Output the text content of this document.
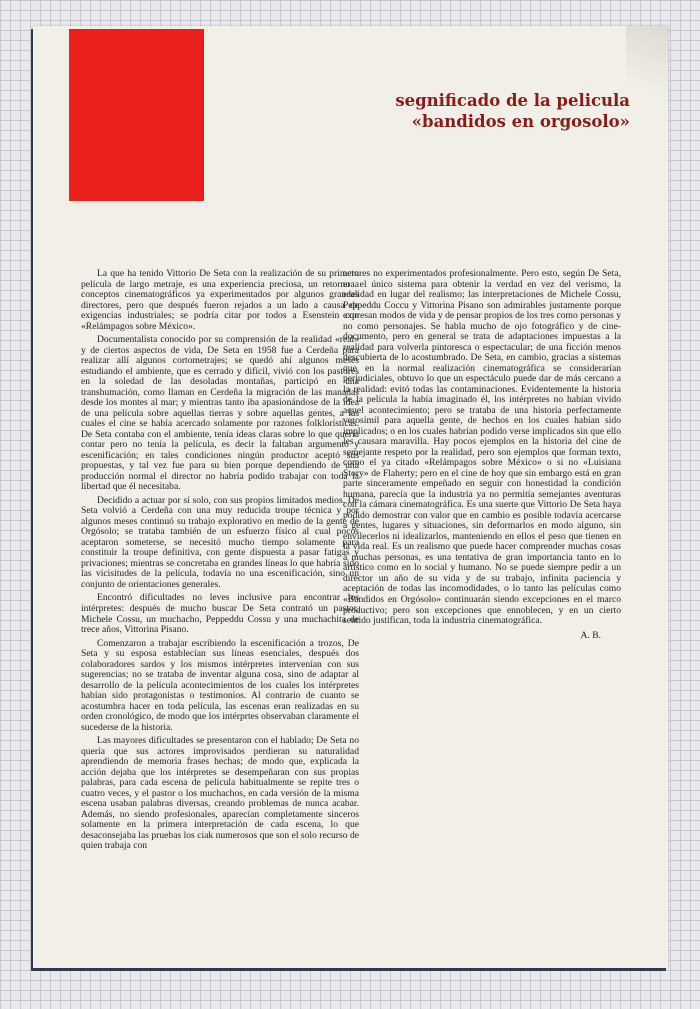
segnificado de la pelicula
«bandidos en orgosolo»

La que ha tenido Vittorio De Seta con la realización de su primera película de largo metraje, es una experiencia preciosa, un retorno a conceptos cinematográficos ya experimentados por algunos grandes directores, pero que después fueron rejados a un lado a causa de exigencias industriales; se podría citar por todos a Esenstein con «Relámpagos sobre México».

Documentalista conocido por su comprensión de la realidad «real» y de ciertos aspectos de vida, De Seta en 1958 fue a Cerdeña para realizar allí algunos cortometrajes; se quedó ahí algunos meses estudiando el ambiente, que es cerrado y difícil, vivió con los pastores en la soledad de las desoladas montañas, participó en una transhumación, como llaman en Cerdeña la migración de las manadas desde los montes al mar; y mientras tanto iba apasionándose de la idea de una película sobre aquellas tierras y sobre aquellas gentes, a las cuales el cine se había acercado solamente por razones folklorísticas. De Seta contaba con el ambiente, tenía ideas claras sobre lo que quería contar pero no tenía la película, es decir la faltaban argumento y escenificación; en tales condiciones ningún productor aceptó sus propuestas, y tal vez fue para su bien porque dependiendo de una producción normal el director no habría podido trabajar con toda la libertad que él necesitaba.

Decidido a actuar por sí solo, con sus propios limitados medios, De Seta volvió a Cerdeña con una muy reducida troupe técnica y por algunos meses continuó su trabajo explorativo en medio de la gente de Orgósolo; se trataba también de un esfuerzo físico al cual pocos aceptaron someterse, se necesitó mucho tiempo solamente para constituir la troupe definitiva, con gente dispuesta a pasar fatigas y privaciones; mientras se concretaba en grandes líneas lo que habría sido las vicisitudes de la película, todavía no una escenificación, sino un conjunto de orientaciones generales.

Encontró dificultades no leves inclusive para encontrar los intérpretes: después de mucho buscar De Seta contrató un pastor, Michele Cossu, un muchacho, Peppeddu Cossu y una muchachita de trece años, Vittorina Pisano.

Comenzaron a trabajar escribiendo la escenificación a trozos, De Seta y su esposa establecían sus líneas esenciales, después dos colaboradores sardos y los mismos intérpretes intervenían con sus sugerencias; no se trataba de inventar alguna cosa, sino de adaptar al desarrollo de la película acontecimientos de los cuales los intérpretes habían sido protagonistas o testimonios. Al contrario de cuanto se acostumbra hacer en toda película, las escenas eran realizadas en su orden cronológico, de modo que los intérprtes observaban claramente el sucederse de la historia.

Las mayores dificultades se presentaron con el hablado; De Seta no quería que sus actores improvisados perdieran su naturalidad aprendiendo de memoria frases hechas; de modo que, explicada la acción dejaba que los intérpretes se desempeñaran con sus propias palabras, para cada escena de película habitualmente se repite tres o cuatro veces, y el pastor o los muchachos, en cada versión de la misma escena usaban palabras diversas, creando problemas de nunca acabar. Además, no siendo profesionales, aparecían completamente sinceros solamente en la primera interpretación de cada escena, lo que desaconsejaba las pruebas los ciak numerosos que son el solo recurso de quien trabaja con

actores no experimentados profesionalmente. Pero esto, según De Seta, era el único sistema para obtenir la verdad en vez del verismo, la realidad en lugar del realismo; las interpretaciones de Michele Cossu, Peppeddu Coccu y Vittorina Pisano son admirables justamente porque expresan modos de vida y de pensar propios de los tres como personas y no como personajes. Se habla mucho de ojo fotográfico y de cine-documento, pero en general se trata de adaptaciones impuestas a la realidad para volverla pintoresca o espectacular; de una ficción menos descubierta de lo acostumbrado. De Seta, en cambio, gracias a sistemas que en la normal realización cinematográfica se considerarían perjudiciales, obtuvo lo que un espectáculo puede dar de más cercano a la realidad: evitó todas las contaminaciones. Evidentemente la historia de la película la había imaginado él, los intérpretes no habían vivido aquel acontecimiento; pero se trataba de una historia perfectamente verosímil para aquella gente, de hechos en los cuales habían sido implicados; o en los cuales habrían podido verse implicados sin que ello les causara maravilla. Hay pocos ejemplos en la historia del cine de semejante respeto por la realidad, pero son ejemplos que forman texto, como el ya citado «Relámpagos sobre México» o si no «Luisiana Story» de Flaherty; pero en el cine de hoy que sin embargo está en gran parte sinceramente empeñado en seguir con honestidad la condición humana, parecía que la industria ya no permitía semejantes aventuras con la cámara cinematográfica. Es una suerte que Vittorio De Seta haya podido demostrar con valor que en cambio es posible todavía acercarse a gentes, lugares y situaciones, sin deformarlos en modo alguno, sin envilecerlos ni idealizarlos, manteniendo en ellos el peso que tienen en la vida real. Es un realismo que puede hacer comprender muchas cosas a muchas personas, es una tentativa de gran importancia tanto en lo artístico como en lo social y humano. No se puede siempre pedir a un director un año de su vida y de su trabajo, infinita paciencia y aceptación de todas las incomodidades, o lo tanto las películas como «Bandidos en Orgósolo» continuarán siendo excepciones en el marco productivo; pero son excepciones que ennoblecen, y en un cierto sentido justifican, toda la industria cinematográfica.

A. B.
